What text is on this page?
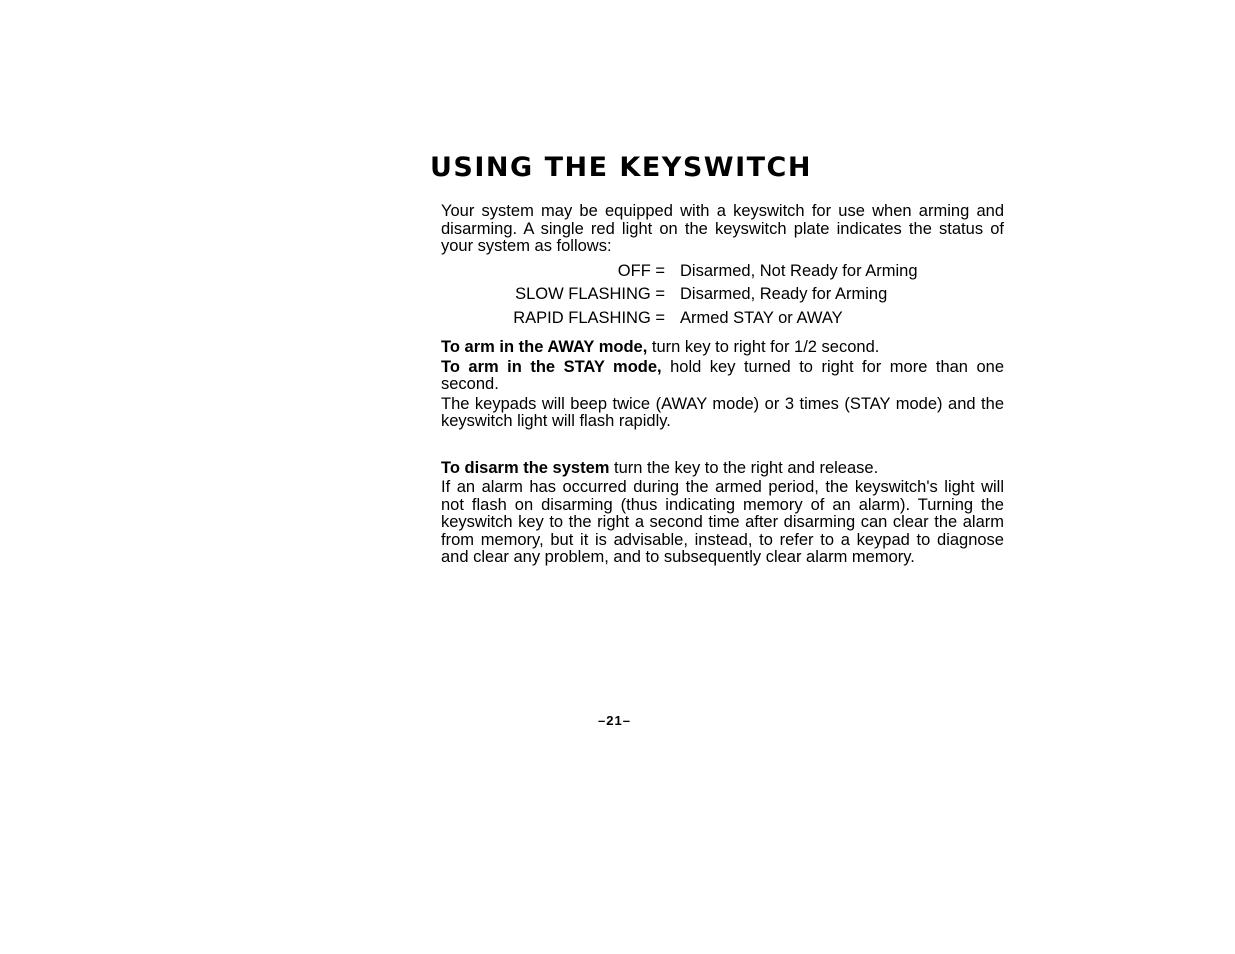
USING THE KEYSWITCH

Your system may be equipped with a keyswitch for use when arming and disarming. A single red light on the keyswitch plate indicates the status of your system as follows:

OFF = Disarmed, Not Ready for Arming
SLOW FLASHING = Disarmed, Ready for Arming
RAPID FLASHING = Armed STAY or AWAY

To arm in the AWAY mode, turn key to right for 1/2 second.

To arm in the STAY mode, hold key turned to right for more than one second.

The keypads will beep twice (AWAY mode) or 3 times (STAY mode) and the keyswitch light will flash rapidly.

To disarm the system turn the key to the right and release.

If an alarm has occurred during the armed period, the keyswitch's light will not flash on disarming (thus indicating memory of an alarm). Turning the keyswitch key to the right a second time after disarming can clear the alarm from memory, but it is advisable, instead, to refer to a keypad to diagnose and clear any problem, and to subsequently clear alarm memory.

–21–
